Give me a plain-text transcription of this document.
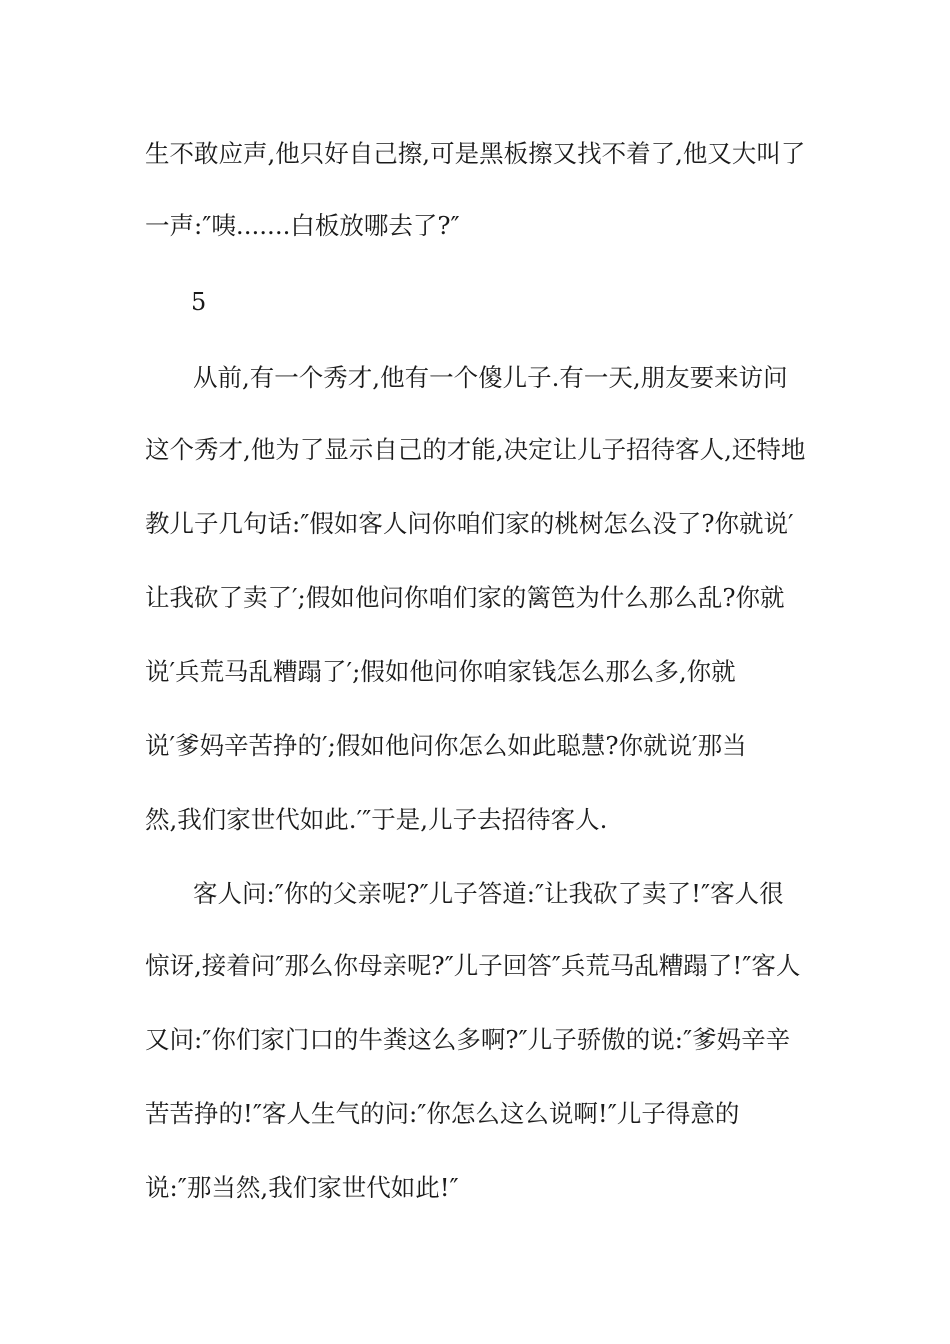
生不敢应声,他只好自己擦,可是黑板擦又找不着了,他又大叫了
一声:″咦.......白板放哪去了?″
5
从前,有一个秀才,他有一个傻儿子.有一天,朋友要来访问
这个秀才,他为了显示自己的才能,决定让儿子招待客人,还特地
教儿子几句话:″假如客人问你咱们家的桃树怎么没了?你就说′
让我砍了卖了′;假如他问你咱们家的篱笆为什么那么乱?你就
说′兵荒马乱糟蹋了′;假如他问你咱家钱怎么那么多,你就
说′爹妈辛苦挣的′;假如他问你怎么如此聪慧?你就说′那当
然,我们家世代如此.′″于是,儿子去招待客人.
客人问:″你的父亲呢?″儿子答道:″让我砍了卖了!″客人很
惊讶,接着问″那么你母亲呢?″儿子回答″兵荒马乱糟蹋了!″客人
又问:″你们家门口的牛粪这么多啊?″儿子骄傲的说:″爹妈辛辛
苦苦挣的!″客人生气的问:″你怎么这么说啊!″儿子得意的
说:″那当然,我们家世代如此!″
